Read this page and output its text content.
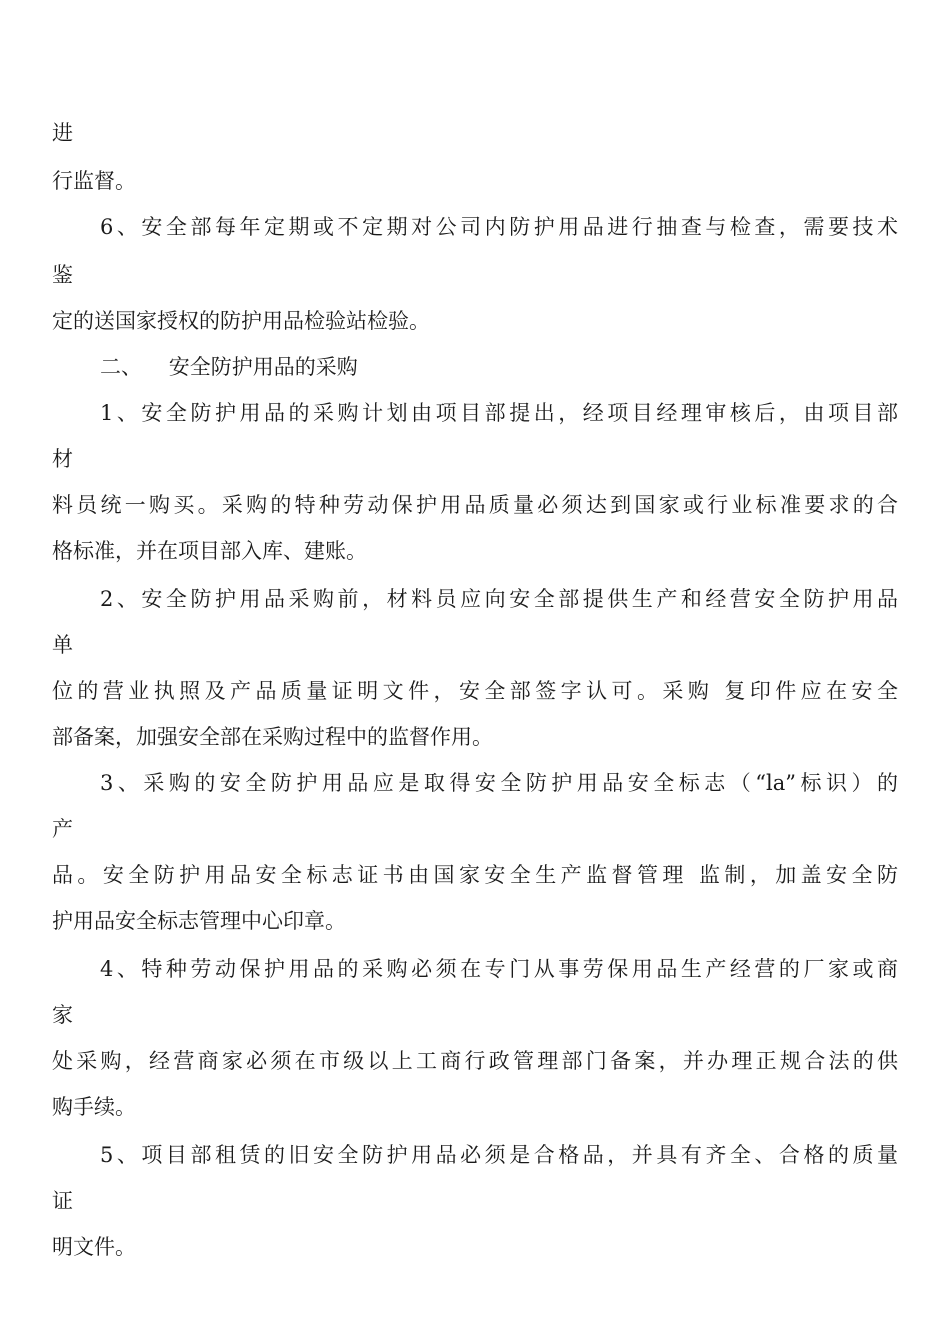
进
行监督。
6、安全部每年定期或不定期对公司内防护用品进行抽查与检查，需要技术
鉴
定的送国家授权的防护用品检验站检验。
二、    安全防护用品的采购
1、安全防护用品的采购计划由项目部提出，经项目经理审核后，由项目部
材
料员统一购买。采购的特种劳动保护用品质量必须达到国家或行业标准要求的合
格标准，并在项目部入库、建账。
2、安全防护用品采购前，材料员应向安全部提供生产和经营安全防护用品
单
位的营业执照及产品质量证明文件，安全部签字认可。采购 复印件应在安全
部备案，加强安全部在采购过程中的监督作用。
3、采购的安全防护用品应是取得安全防护用品安全标志（“la”标识）的
产
品。安全防护用品安全标志证书由国家安全生产监督管理 监制，加盖安全防
护用品安全标志管理中心印章。
4、特种劳动保护用品的采购必须在专门从事劳保用品生产经营的厂家或商
家
处采购，经营商家必须在市级以上工商行政管理部门备案，并办理正规合法的供
购手续。
5、项目部租赁的旧安全防护用品必须是合格品，并具有齐全、合格的质量
证
明文件。
